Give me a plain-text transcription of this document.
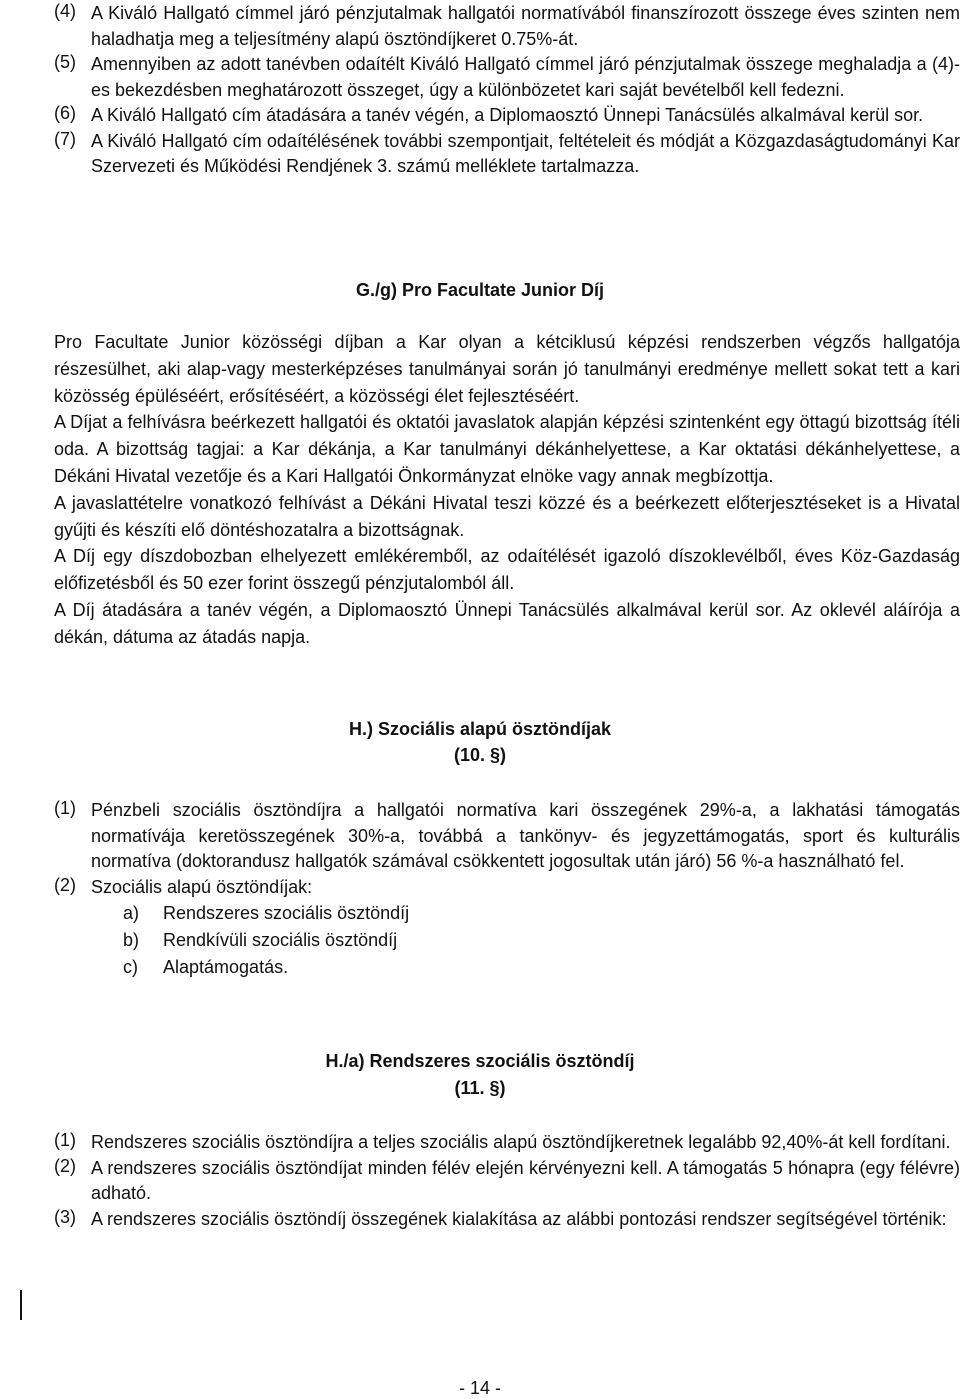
(4) A Kiváló Hallgató címmel járó pénzjutalmak hallgatói normatívából finanszírozott összege éves szinten nem haladhatja meg a teljesítmény alapú ösztöndíjkeret 0.75%-át.
(5) Amennyiben az adott tanévben odaítélt Kiváló Hallgató címmel járó pénzjutalmak összege meghaladja a (4)-es bekezdésben meghatározott összeget, úgy a különbözetet kari saját bevételből kell fedezni.
(6) A Kiváló Hallgató cím átadására a tanév végén, a Diplomaosztó Ünnepi Tanácsülés alkalmával kerül sor.
(7) A Kiváló Hallgató cím odaítélésének további szempontjait, feltételeit és módját a Közgazdaságtudományi Kar Szervezeti és Működési Rendjének 3. számú melléklete tartalmazza.
G./g) Pro Facultate Junior Díj
Pro Facultate Junior közösségi díjban a Kar olyan a kétciklusú képzési rendszerben végzős hallgatója részesülhet, aki alap-vagy mesterképzéses tanulmányai során jó tanulmányi eredménye mellett sokat tett a kari közösség épüléséért, erősítéséért, a közösségi élet fejlesztéséért.
A Díjat a felhívásra beérkezett hallgatói és oktatói javaslatok alapján képzési szintenként egy öttagú bizottság ítéli oda. A bizottság tagjai: a Kar dékánja, a Kar tanulmányi dékánhelyettese, a Kar oktatási dékánhelyettese, a Dékáni Hivatal vezetője és a Kari Hallgatói Önkormányzat elnöke vagy annak megbízottja.
A javaslattételre vonatkozó felhívást a Dékáni Hivatal teszi közzé és a beérkezett előterjesztéseket is a Hivatal gyűjti és készíti elő döntéshozatalra a bizottságnak.
A Díj egy díszdobozban elhelyezett emlékéremből, az odaítélését igazoló díszoklevélből, éves Köz-Gazdaság előfizetésből és 50 ezer forint összegű pénzjutalomból áll.
A Díj átadására a tanév végén, a Diplomaosztó Ünnepi Tanácsülés alkalmával kerül sor. Az oklevél aláírója a dékán, dátuma az átadás napja.
H.) Szociális alapú ösztöndíjak
(10. §)
(1) Pénzbeli szociális ösztöndíjra a hallgatói normatíva kari összegének 29%-a, a lakhatási támogatás normatívája keretösszegének 30%-a, továbbá a tankönyv- és jegyzettámogatás, sport és kulturális normatíva (doktorandusz hallgatók számával csökkentett jogosultak után járó) 56 %-a használható fel.
(2) Szociális alapú ösztöndíjak:
a) Rendszeres szociális ösztöndíj
b) Rendkívüli szociális ösztöndíj
c) Alaptámogatás.
H./a) Rendszeres szociális ösztöndíj
(11. §)
(1) Rendszeres szociális ösztöndíjra a teljes szociális alapú ösztöndíjkeretnek legalább 92,40%-át kell fordítani.
(2) A rendszeres szociális ösztöndíjat minden félév elején kérvényezni kell. A támogatás 5 hónapra (egy félévre) adható.
(3) A rendszeres szociális ösztöndíj összegének kialakítása az alábbi pontozási rendszer segítségével történik:
- 14 -
